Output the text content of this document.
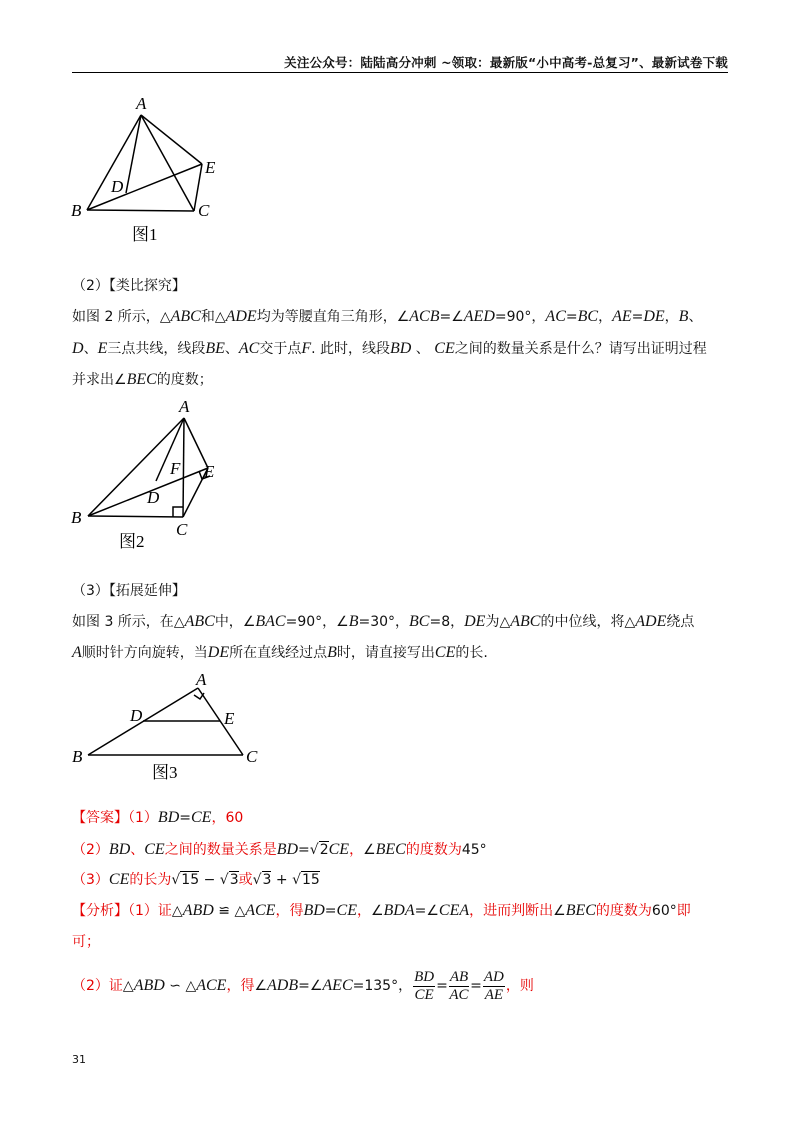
关注公众号：陆陆高分冲刺 ~领取：最新版“小中高考-总复习”、最新试卷下载
A
B	C
D
E
图1
（2）【类比探究】
如图 2 所示，△ABC和△ADE均为等腰直角三角形，∠ACB=∠AED=90°，AC=BC，AE=DE，B、
D、E三点共线，线段BE、AC交于点F. 此时，线段BD 、 CE之间的数量关系是什么？请写出证明过程
并求出∠BEC的度数；
A
B
C
D
E
F
图2
（3）【拓展延伸】
如图 3 所示，在△ABC中，∠BAC=90°，∠B=30°，BC=8，DE为△ABC的中位线，将△ADE绕点
A顺时针方向旋转，当DE所在直线经过点B时，请直接写出CE的长.
A
B	C
D	E
图3
【答案】（1）BD=CE，60
（2）BD、CE之间的数量关系是BD=√2CE，∠BEC的度数为45°
（3）CE的长为√15 − √3或√3 + √15
【分析】（1）证△ABD ≌ △ACE，得BD=CE，∠BDA=∠CEA，进而判断出∠BEC的度数为60°即
可；
（2）证△ABD ∽ △ACE，得∠ADB=∠AEC=135°， $\frac{BD}{CE} = \frac{AB}{AC} = \frac{AD}{AE}$ ，则
31
